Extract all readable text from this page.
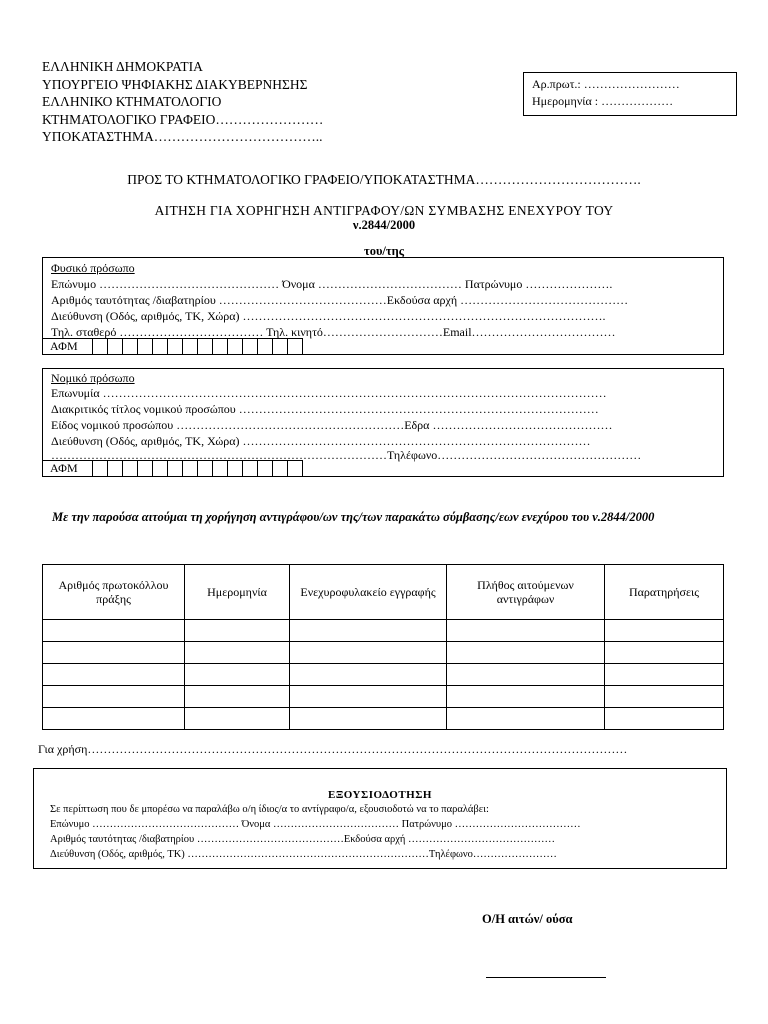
ΕΛΛΗΝΙΚΗ ΔΗΜΟΚΡΑΤΙΑ
ΥΠΟΥΡΓΕΙΟ ΨΗΦΙΑΚΗΣ ΔΙΑΚΥΒΕΡΝΗΣΗΣ
ΕΛΛΗΝΙΚΟ ΚΤΗΜΑΤΟΛΟΓΙΟ
ΚΤΗΜΑΤΟΛΟΓΙΚΟ ΓΡΑΦΕΙΟ……………………
ΥΠΟΚΑΤΑΣΤΗΜΑ………………………………..
Αρ.πρωτ.: ……………………
Ημερομηνία : ………………
ΠΡΟΣ ΤΟ ΚΤΗΜΑΤΟΛΟΓΙΚΟ ΓΡΑΦΕΙΟ/ΥΠΟΚΑΤΑΣΤΗΜΑ……………………………….
ΑΙΤΗΣΗ ΓΙΑ ΧΟΡΗΓΗΣΗ ΑΝΤΙΓΡΑΦΟΥ/ΩΝ ΣΥΜΒΑΣΗΣ ΕΝΕΧΥΡΟΥ ΤΟΥ
ν.2844/2000
του/της
Φυσικό πρόσωπο
Επώνυμο ……………………………………… Όνομα ……………………………… Πατρώνυμο ………………….
Αριθμός ταυτότητας /διαβατηρίου ……………………………………Εκδούσα αρχή ……………………………………
Διεύθυνση (Οδός, αριθμός, ΤΚ, Χώρα) ……………………………………………………………………………….
Τηλ. σταθερό ……………………………… Τηλ. κινητό…………………………Email………………………………
ΑΦΜ
Νομικό πρόσωπο
Επωνυμία ………………………………………………………………………………………………………………
Διακριτικός τίτλος νομικού προσώπου ………………………………………………………………………………
Είδος νομικού προσώπου …………………………………………………Εδρα ………………………………………
Διεύθυνση (Οδός, αριθμός, ΤΚ, Χώρα) ……………………………………………………………………………
…………………………………………………………………………Τηλέφωνο……………………………………………
ΑΦΜ
Με την παρούσα αιτούμαι τη χορήγηση αντιγράφου/ων της/των παρακάτω σύμβασης/εων ενεχύρου του ν.2844/2000
Αριθμός πρωτοκόλλου πράξης	Ημερομηνία	Ενεχυροφυλακείο εγγραφής	Πλήθος αιτούμενων αντιγράφων	Παρατηρήσεις

Για χρήση………………………………………………………………………………………………………………………
ΕΞΟΥΣΙΟΔΟΤΗΣΗ
Σε περίπτωση που δε μπορέσω να παραλάβω ο/η ίδιος/α το αντίγραφο/α, εξουσιοδοτώ να το παραλάβει:
Επώνυμο …………………………………… Όνομα ……………………………… Πατρώνυμο ………………………………
Αριθμός ταυτότητας /διαβατηρίου ……………………………………Εκδούσα αρχή ……………………………………
Διεύθυνση (Οδός, αριθμός, ΤΚ) ……………………………………………………………Τηλέφωνο……………………
Ο/Η αιτών/ ούσα
